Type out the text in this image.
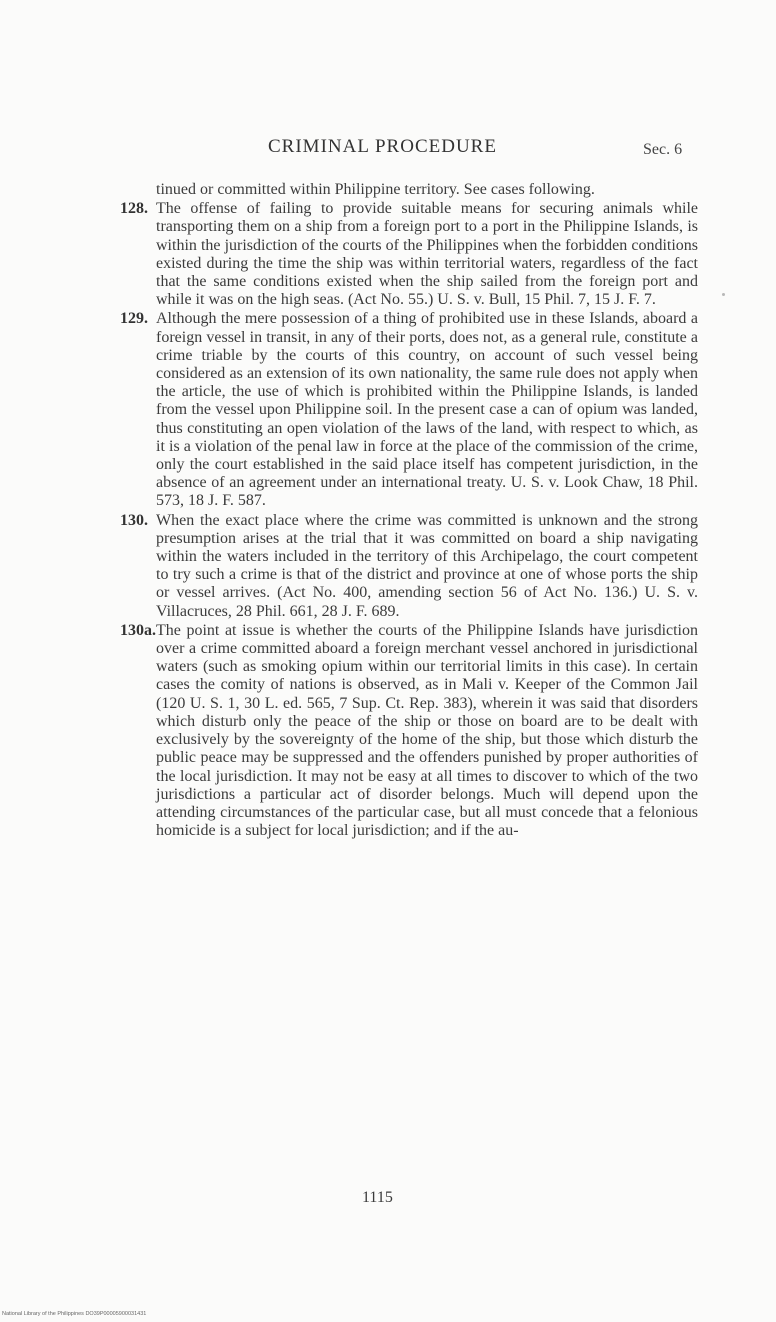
CRIMINAL PROCEDURE	Sec. 6

tinued or committed within Philippine territory. See cases following.

128. The offense of failing to provide suitable means for securing animals while transporting them on a ship from a foreign port to a port in the Philippine Islands, is within the jurisdiction of the courts of the Philippines when the forbidden conditions existed during the time the ship was within territorial waters, regardless of the fact that the same conditions existed when the ship sailed from the foreign port and while it was on the high seas. (Act No. 55.) U. S. v. Bull, 15 Phil. 7, 15 J. F. 7.
129. Although the mere possession of a thing of prohibited use in these Islands, aboard a foreign vessel in transit, in any of their ports, does not, as a general rule, constitute a crime triable by the courts of this country, on account of such vessel being considered as an extension of its own nationality, the same rule does not apply when the article, the use of which is prohibited within the Philippine Islands, is landed from the vessel upon Philippine soil. In the present case a can of opium was landed, thus constituting an open violation of the laws of the land, with respect to which, as it is a violation of the penal law in force at the place of the commission of the crime, only the court established in the said place itself has competent jurisdiction, in the absence of an agreement under an international treaty. U. S. v. Look Chaw, 18 Phil. 573, 18 J. F. 587.
130. When the exact place where the crime was committed is unknown and the strong presumption arises at the trial that it was committed on board a ship navigating within the waters included in the territory of this Archipelago, the court competent to try such a crime is that of the district and province at one of whose ports the ship or vessel arrives. (Act No. 400, amending section 56 of Act No. 136.) U. S. v. Villacruces, 28 Phil. 661, 28 J. F. 689.
130a. The point at issue is whether the courts of the Philippine Islands have jurisdiction over a crime committed aboard a foreign merchant vessel anchored in jurisdictional waters (such as smoking opium within our territorial limits in this case). In certain cases the comity of nations is observed, as in Mali v. Keeper of the Common Jail (120 U. S. 1, 30 L. ed. 565, 7 Sup. Ct. Rep. 383), wherein it was said that disorders which disturb only the peace of the ship or those on board are to be dealt with exclusively by the sovereignty of the home of the ship, but those which disturb the public peace may be suppressed and the offenders punished by proper authorities of the local jurisdiction. It may not be easy at all times to discover to which of the two jurisdictions a particular act of disorder belongs. Much will depend upon the attending circumstances of the particular case, but all must concede that a felonious homicide is a subject for local jurisdiction; and if the au-
1115
National Library of the Philippines DO39P00005900031431
